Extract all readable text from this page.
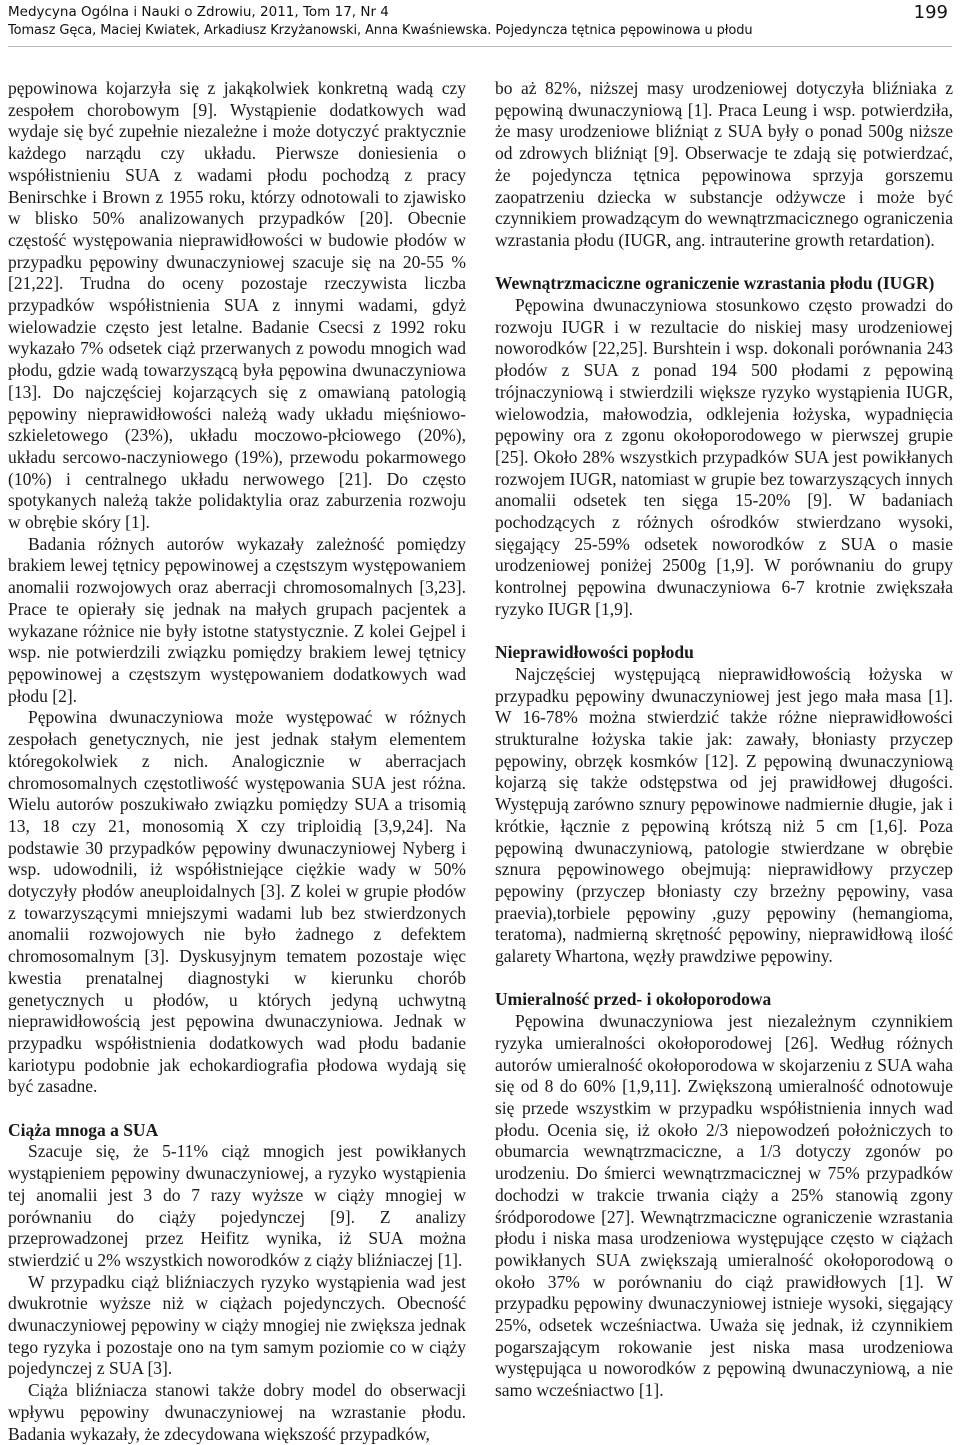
Medycyna Ogólna i Nauki o Zdrowiu, 2011, Tom 17, Nr 4
Tomasz Gęca, Maciej Kwiatek, Arkadiusz Krzyżanowski, Anna Kwaśniewska. Pojedyncza tętnica pępowinowa u płodu
199

pępowinowa kojarzyła się z jakąkolwiek konkretną wadą czy zespołem chorobowym [9]. Wystąpienie dodatkowych wad wydaje się być zupełnie niezależne i może dotyczyć praktycznie każdego narządu czy układu. Pierwsze doniesienia o współistnieniu SUA z wadami płodu pochodzą z pracy Benirschke i Brown z 1955 roku, którzy odnotowali to zjawisko w blisko 50% analizowanych przypadków [20]. Obecnie częstość występowania nieprawidłowości w budowie płodów w przypadku pępowiny dwunaczyniowej szacuje się na 20-55 % [21,22]. Trudna do oceny pozostaje rzeczywista liczba przypadków współistnienia SUA z innymi wadami, gdyż wielowadzie często jest letalne. Badanie Csecsi z 1992 roku wykazało 7% odsetek ciąż przerwanych z powodu mnogich wad płodu, gdzie wadą towarzyszącą była pępowina dwunaczyniowa [13]. Do najczęściej kojarzących się z omawianą patologią pępowiny nieprawidłowości należą wady układu mięśniowo-szkieletowego (23%), układu moczowo-płciowego (20%), układu sercowo-naczyniowego (19%), przewodu pokarmowego (10%) i centralnego układu nerwowego [21]. Do często spotykanych należą także polidaktylia oraz zaburzenia rozwoju w obrębie skóry [1].

Badania różnych autorów wykazały zależność pomiędzy brakiem lewej tętnicy pępowinowej a częstszym występowaniem anomalii rozwojowych oraz aberracji chromosomalnych [3,23]. Prace te opierały się jednak na małych grupach pacjentek a wykazane różnice nie były istotne statystycznie. Z kolei Gejpel i wsp. nie potwierdzili związku pomiędzy brakiem lewej tętnicy pępowinowej a częstszym występowaniem dodatkowych wad płodu [2].

Pępowina dwunaczyniowa może występować w różnych zespołach genetycznych, nie jest jednak stałym elementem któregokolwiek z nich. Analogicznie w aberracjach chromosomalnych częstotliwość występowania SUA jest różna. Wielu autorów poszukiwało związku pomiędzy SUA a trisomią 13, 18 czy 21, monosomią X czy triploidią [3,9,24]. Na podstawie 30 przypadków pępowiny dwunaczyniowej Nyberg i wsp. udowodnili, iż współistniejące ciężkie wady w 50% dotyczyły płodów aneuploidalnych [3]. Z kolei w grupie płodów z towarzyszącymi mniejszymi wadami lub bez stwierdzonych anomalii rozwojowych nie było żadnego z defektem chromosomalnym [3]. Dyskusyjnym tematem pozostaje więc kwestia prenatalnej diagnostyki w kierunku chorób genetycznych u płodów, u których jedyną uchwytną nieprawidłowością jest pępowina dwunaczyniowa. Jednak w przypadku współistnienia dodatkowych wad płodu badanie kariotypu podobnie jak echokardiografia płodowa wydają się być zasadne.

Ciąża mnoga a SUA

Szacuje się, że 5-11% ciąż mnogich jest powikłanych wystąpieniem pępowiny dwunaczyniowej, a ryzyko wystąpienia tej anomalii jest 3 do 7 razy wyższe w ciąży mnogiej w porównaniu do ciąży pojedynczej [9]. Z analizy przeprowadzonej przez Heifitz wynika, iż SUA można stwierdzić u 2% wszystkich noworodków z ciąży bliźniaczej [1].

W przypadku ciąż bliźniaczych ryzyko wystąpienia wad jest dwukrotnie wyższe niż w ciążach pojedynczych. Obecność dwunaczyniowej pępowiny w ciąży mnogiej nie zwiększa jednak tego ryzyka i pozostaje ono na tym samym poziomie co w ciąży pojedynczej z SUA [3].

Ciąża bliźniacza stanowi także dobry model do obserwacji wpływu pępowiny dwunaczyniowej na wzrastanie płodu. Badania wykazały, że zdecydowana większość przypadków,

bo aż 82%, niższej masy urodzeniowej dotyczyła bliźniaka z pępowiną dwunaczyniową [1]. Praca Leung i wsp. potwierdziła, że masy urodzeniowe bliźniąt z SUA były o ponad 500g niższe od zdrowych bliźniąt [9]. Obserwacje te zdają się potwierdzać, że pojedyncza tętnica pępowinowa sprzyja gorszemu zaopatrzeniu dziecka w substancje odżywcze i może być czynnikiem prowadzącym do wewnątrzmacicznego ograniczenia wzrastania płodu (IUGR, ang. intrauterine growth retardation).

Wewnątrzmaciczne ograniczenie wzrastania płodu (IUGR)

Pępowina dwunaczyniowa stosunkowo często prowadzi do rozwoju IUGR i w rezultacie do niskiej masy urodzeniowej noworodków [22,25]. Burshtein i wsp. dokonali porównania 243 płodów z SUA z ponad 194 500 płodami z pępowiną trójnaczyniową i stwierdzili większe ryzyko wystąpienia IUGR, wielowodzia, małowodzia, odklejenia łożyska, wypadnięcia pępowiny ora z zgonu okołoporodowego w pierwszej grupie [25]. Około 28% wszystkich przypadków SUA jest powikłanych rozwojem IUGR, natomiast w grupie bez towarzyszących innych anomalii odsetek ten sięga 15-20% [9]. W badaniach pochodzących z różnych ośrodków stwierdzano wysoki, sięgający 25-59% odsetek noworodków z SUA o masie urodzeniowej poniżej 2500g [1,9]. W porównaniu do grupy kontrolnej pępowina dwunaczyniowa 6-7 krotnie zwiększała ryzyko IUGR [1,9].

Nieprawidłowości popłodu

Najczęściej występującą nieprawidłowością łożyska w przypadku pępowiny dwunaczyniowej jest jego mała masa [1]. W 16-78% można stwierdzić także różne nieprawidłowości strukturalne łożyska takie jak: zawały, błoniasty przyczep pępowiny, obrzęk kosmków [12]. Z pępowiną dwunaczyniową kojarzą się także odstępstwa od jej prawidłowej długości. Występują zarówno sznury pępowinowe nadmiernie długie, jak i krótkie, łącznie z pępowiną krótszą niż 5 cm [1,6]. Poza pępowiną dwunaczyniową, patologie stwierdzane w obrębie sznura pępowinowego obejmują: nieprawidłowy przyczep pępowiny (przyczep błoniasty czy brzeżny pępowiny, vasa praevia),torbiele pępowiny ,guzy pępowiny (hemangioma, teratoma), nadmierną skrętność pępowiny, nieprawidłową ilość galarety Whartona, węzły prawdziwe pępowiny.

Umieralność przed- i okołoporodowa

Pępowina dwunaczyniowa jest niezależnym czynnikiem ryzyka umieralności okołoporodowej [26]. Według różnych autorów umieralność okołoporodowa w skojarzeniu z SUA waha się od 8 do 60% [1,9,11]. Zwiększoną umieralność odnotowuje się przede wszystkim w przypadku współistnienia innych wad płodu. Ocenia się, iż około 2/3 niepowodzeń położniczych to obumarcia wewnątrzmaciczne, a 1/3 dotyczy zgonów po urodzeniu. Do śmierci wewnątrzmacicznej w 75% przypadków dochodzi w trakcie trwania ciąży a 25% stanowią zgony śródporodowe [27]. Wewnątrzmaciczne ograniczenie wzrastania płodu i niska masa urodzeniowa występujące często w ciążach powikłanych SUA zwiększają umieralność okołoporodową o około 37% w porównaniu do ciąż prawidłowych [1]. W przypadku pępowiny dwunaczyniowej istnieje wysoki, sięgający 25%, odsetek wcześniactwa. Uważa się jednak, iż czynnikiem pogarszającym rokowanie jest niska masa urodzeniowa występująca u noworodków z pępowiną dwunaczyniową, a nie samo wcześniactwo [1].
